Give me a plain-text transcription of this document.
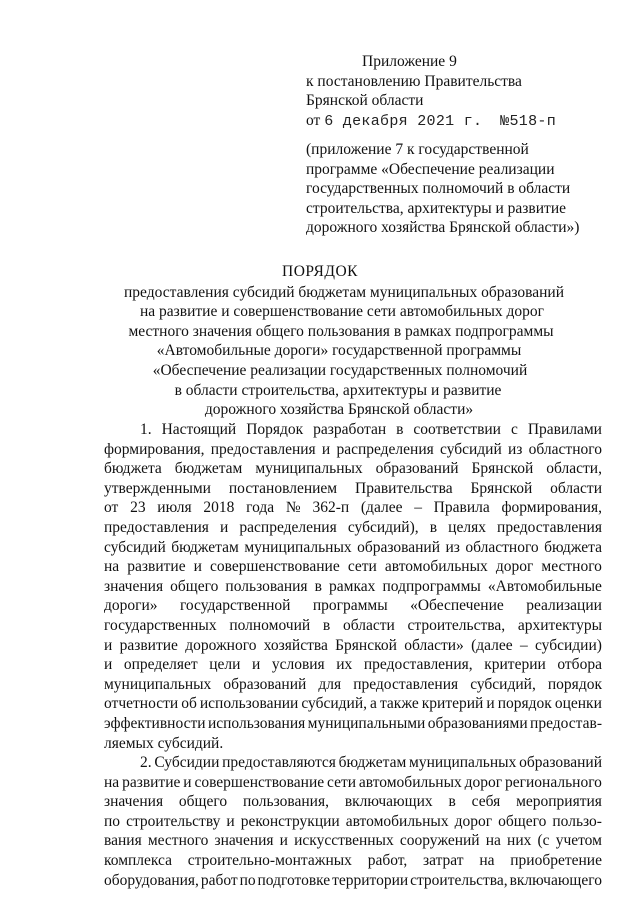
Приложение 9
к постановлению Правительства
Брянской области
от 6 декабря 2021 г. №518-п
(приложение 7 к государственной
программе «Обеспечение реализации
государственных полномочий в области
строительства, архитектуры и развитие
дорожного хозяйства Брянской области»)
ПОРЯДОК
предоставления субсидий бюджетам муниципальных образований
на развитие и совершенствование сети автомобильных дорог
местного значения общего пользования в рамках подпрограммы
«Автомобильные дороги» государственной программы
«Обеспечение реализации государственных полномочий
в области строительства, архитектуры и развитие
дорожного хозяйства Брянской области»
1. Настоящий Порядок разработан в соответствии с Правилами
формирования, предоставления и распределения субсидий из областного
бюджета бюджетам муниципальных образований Брянской области,
утвержденными постановлением Правительства Брянской области
от 23 июля 2018 года № 362-п (далее – Правила формирования,
предоставления и распределения субсидий), в целях предоставления
субсидий бюджетам муниципальных образований из областного бюджета
на развитие и совершенствование сети автомобильных дорог местного
значения общего пользования в рамках подпрограммы «Автомобильные
дороги» государственной программы «Обеспечение реализации
государственных полномочий в области строительства, архитектуры
и развитие дорожного хозяйства Брянской области» (далее – субсидии)
и определяет цели и условия их предоставления, критерии отбора
муниципальных образований для предоставления субсидий, порядок
отчетности об использовании субсидий, а также критерий и порядок оценки
эффективности использования муниципальными образованиями предостав-
ляемых субсидий.
2. Субсидии предоставляются бюджетам муниципальных образований
на развитие и совершенствование сети автомобильных дорог регионального
значения общего пользования, включающих в себя мероприятия
по строительству и реконструкции автомобильных дорог общего пользо-
вания местного значения и искусственных сооружений на них (с учетом
комплекса строительно-монтажных работ, затрат на приобретение
оборудования, работ по подготовке территории строительства, включающего
